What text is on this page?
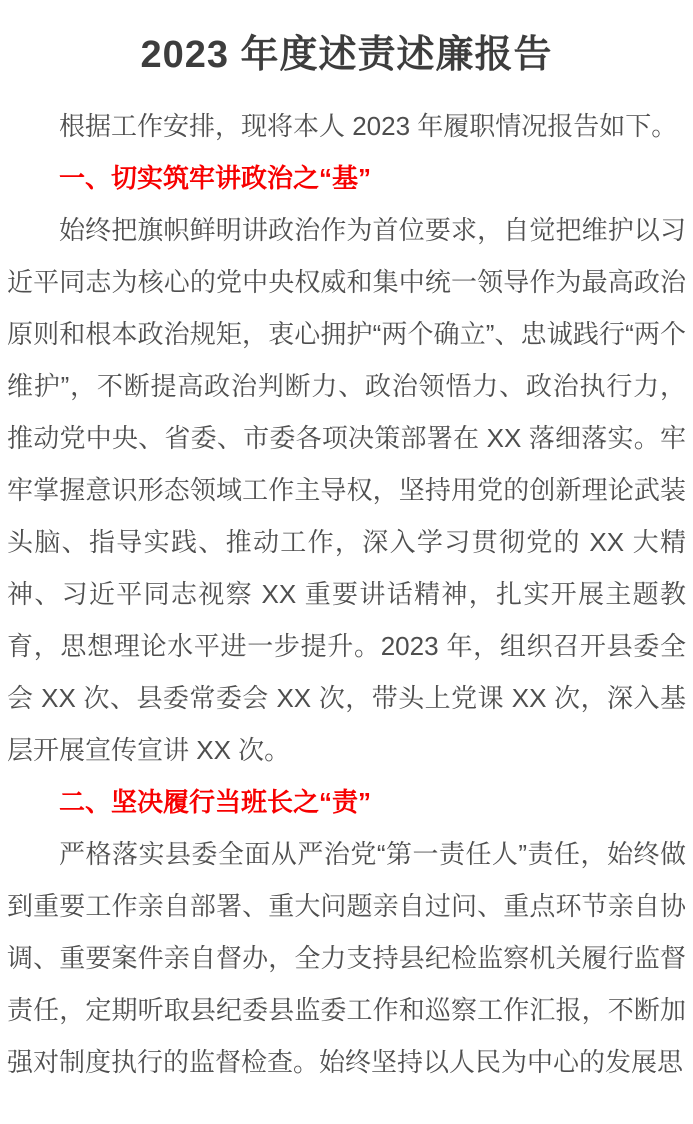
2023 年度述责述廉报告

根据工作安排，现将本人 2023 年履职情况报告如下。

一、切实筑牢讲政治之“基”

始终把旗帜鲜明讲政治作为首位要求，自觉把维护以习近平同志为核心的党中央权威和集中统一领导作为最高政治原则和根本政治规矩，衷心拥护“两个确立”、忠诚践行“两个维护”，不断提高政治判断力、政治领悟力、政治执行力，推动党中央、省委、市委各项决策部署在 XX 落细落实。牢牢掌握意识形态领域工作主导权，坚持用党的创新理论武装头脑、指导实践、推动工作，深入学习贯彻党的 XX 大精神、习近平同志视察 XX 重要讲话精神，扎实开展主题教育，思想理论水平进一步提升。2023 年，组织召开县委全会 XX 次、县委常委会 XX 次，带头上党课 XX 次，深入基层开展宣传宣讲 XX 次。

二、坚决履行当班长之“责”

严格落实县委全面从严治党“第一责任人”责任，始终做到重要工作亲自部署、重大问题亲自过问、重点环节亲自协调、重要案件亲自督办，全力支持县纪检监察机关履行监督责任，定期听取县纪委县监委工作和巡察工作汇报，不断加强对制度执行的监督检查。始终坚持以人民为中心的发展思
